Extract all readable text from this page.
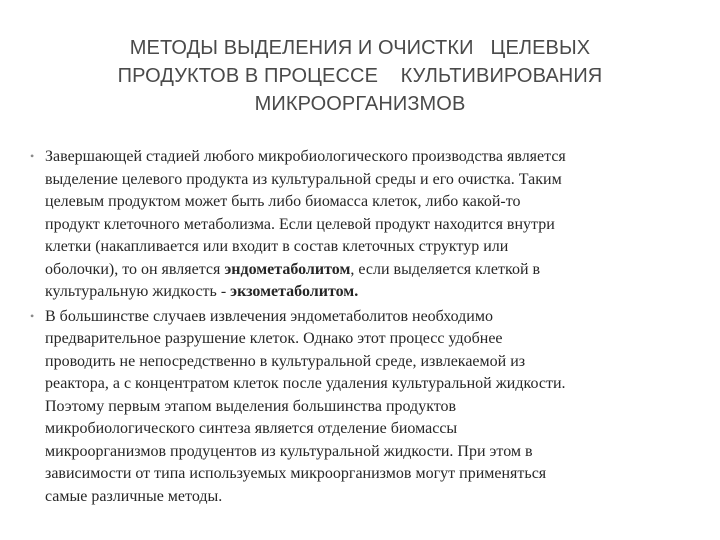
МЕТОДЫ ВЫДЕЛЕНИЯ И ОЧИСТКИ   ЦЕЛЕВЫХ
ПРОДУКТОВ В ПРОЦЕССЕ    КУЛЬТИВИРОВАНИЯ
МИКРООРГАНИЗМОВ
• Завершающей стадией любого микробиологического производства является
выделение целевого продукта из культуральной среды и его очистка. Таким
целевым продуктом может быть либо биомасса клеток, либо какой-то
продукт клеточного метаболизма. Если целевой продукт находится внутри
клетки (накапливается или входит в состав клеточных структур или
оболочки), то он является эндометаболитом, если выделяется клеткой в
культуральную жидкость - экзометаболитом.
• В большинстве случаев извлечения эндометаболитов необходимо
предварительное разрушение клеток. Однако этот процесс удобнее
проводить не непосредственно в культуральной среде, извлекаемой из
реактора, а с концентратом клеток после удаления культуральной жидкости.
Поэтому первым этапом выделения большинства продуктов
микробиологического синтеза является отделение биомассы
микроорганизмов продуцентов из культуральной жидкости. При этом в
зависимости от типа используемых микроорганизмов могут применяться
самые различные методы.
